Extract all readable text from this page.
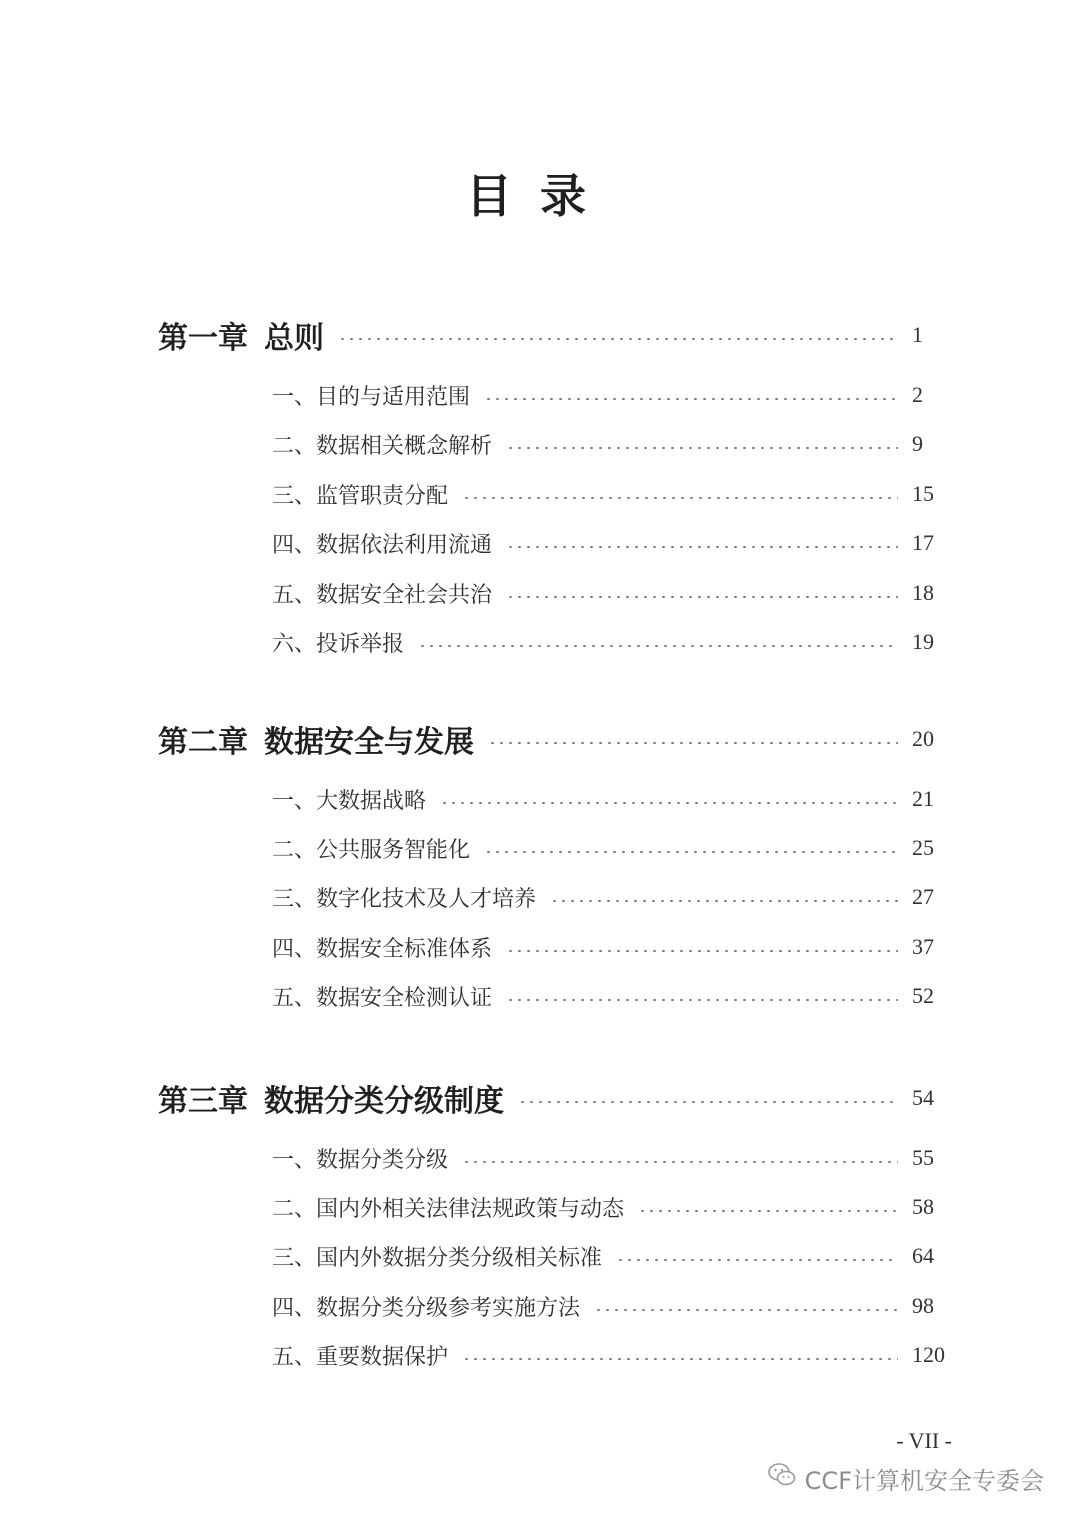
目录
第一章 总则	1
一、目的与适用范围	2
二、数据相关概念解析	9
三、监管职责分配	15
四、数据依法利用流通	17
五、数据安全社会共治	18
六、投诉举报	19
第二章 数据安全与发展	20
一、大数据战略	21
二、公共服务智能化	25
三、数字化技术及人才培养	27
四、数据安全标准体系	37
五、数据安全检测认证	52
第三章 数据分类分级制度	54
一、数据分类分级	55
二、国内外相关法律法规政策与动态	58
三、国内外数据分类分级相关标准	64
四、数据分类分级参考实施方法	98
五、重要数据保护	120
- VII -
CCF计算机安全专委会
